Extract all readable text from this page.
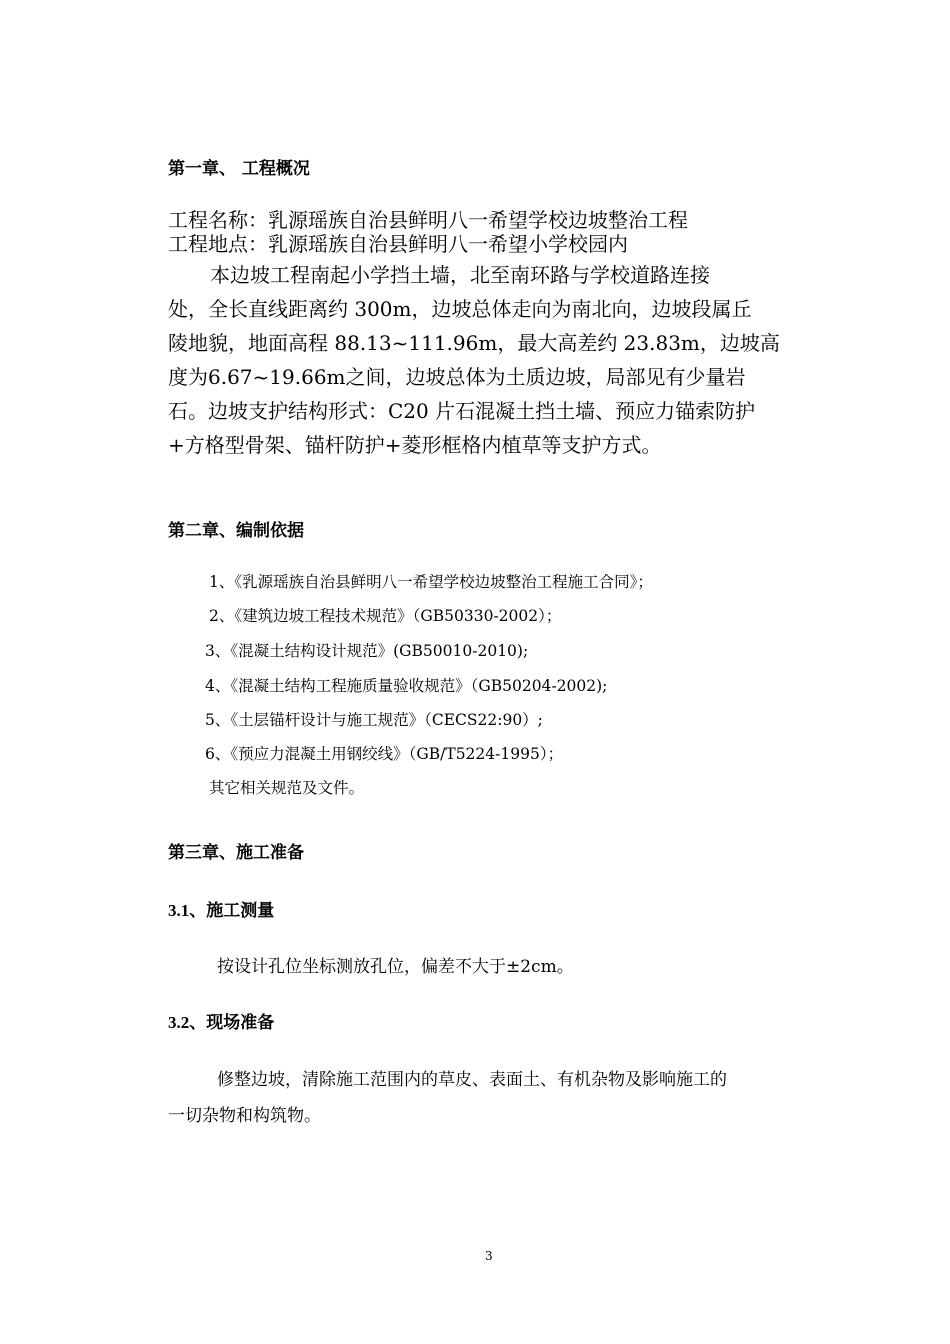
第一章、 工程概况
工程名称：乳源瑶族自治县鲜明八一希望学校边坡整治工程
工程地点：乳源瑶族自治县鲜明八一希望小学校园内
本边坡工程南起小学挡土墙，北至南环路与学校道路连接
处，全长直线距离约 300m，边坡总体走向为南北向，边坡段属丘
陵地貌，地面高程 88.13~111.96m，最大高差约 23.83m，边坡高
度为6.67~19.66m之间，边坡总体为土质边坡，局部见有少量岩
石。边坡支护结构形式：C20 片石混凝土挡土墙、预应力锚索防护
+方格型骨架、锚杆防护+菱形框格内植草等支护方式。
第二章、编制依据
1、《乳源瑶族自治县鲜明八一希望学校边坡整治工程施工合同》；
2、《建筑边坡工程技术规范》（GB50330-2002）；
3、《混凝土结构设计规范》(GB50010-2010);
4、《混凝土结构工程施质量验收规范》（GB50204-2002);
5、《土层锚杆设计与施工规范》（CECS22:90）;
6、《预应力混凝土用钢绞线》（GB/T5224-1995）；
其它相关规范及文件。
第三章、施工准备
3.1、施工测量
按设计孔位坐标测放孔位，偏差不大于±2cm。
3.2、现场准备
修整边坡，清除施工范围内的草皮、表面土、有机杂物及影响施工的
一切杂物和构筑物。
3
